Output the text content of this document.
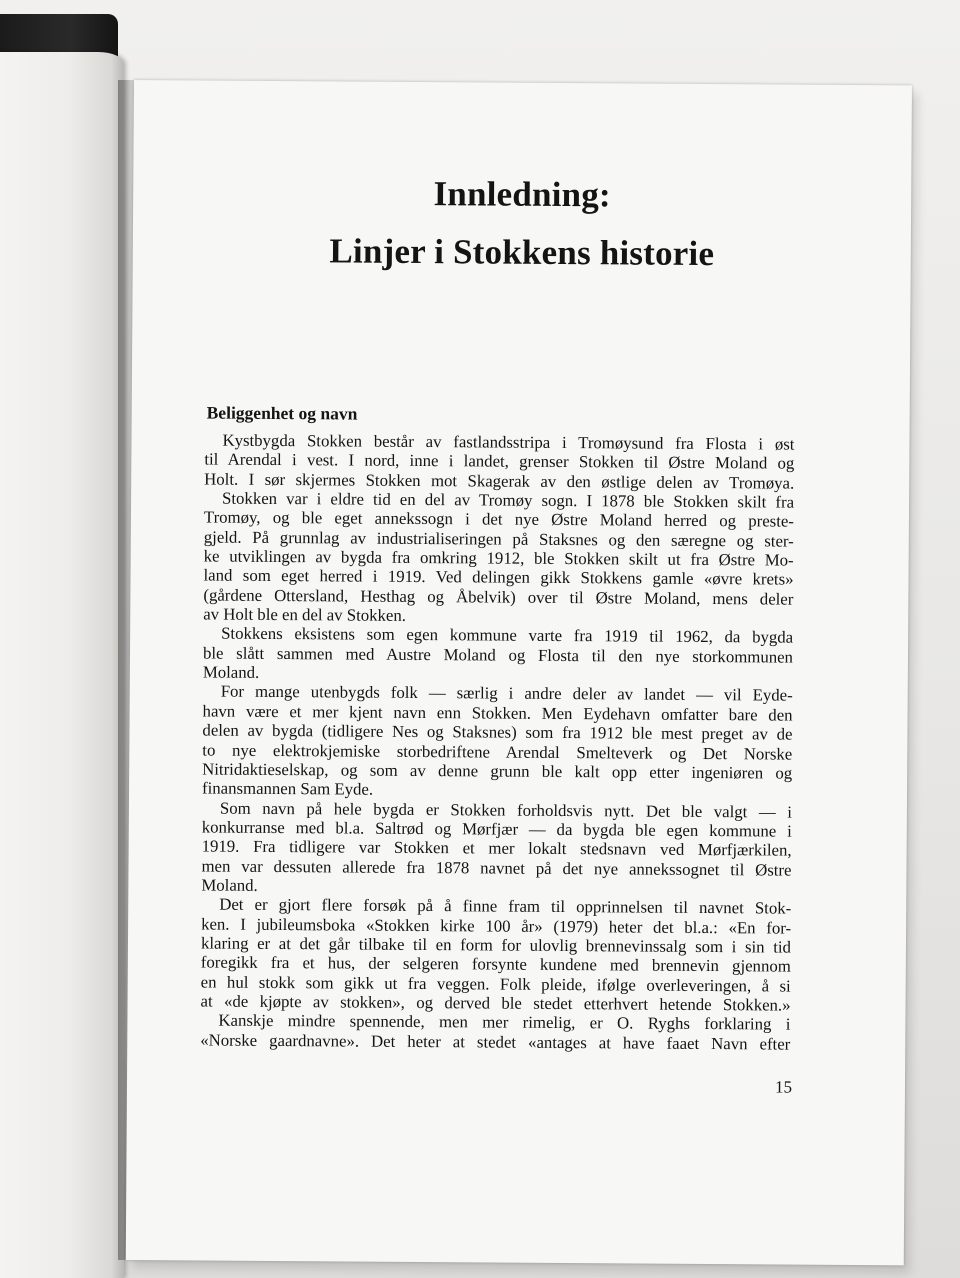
Innledning:
Linjer i Stokkens historie
Beliggenhet og navn

Kystbygda Stokken består av fastlandsstripa i Tromøysund fra Flosta i øst
til Arendal i vest. I nord, inne i landet, grenser Stokken til Østre Moland og
Holt. I sør skjermes Stokken mot Skagerak av den østlige delen av Tromøya.

Stokken var i eldre tid en del av Tromøy sogn. I 1878 ble Stokken skilt fra
Tromøy, og ble eget annekssogn i det nye Østre Moland herred og preste-
gjeld. På grunnlag av industrialiseringen på Staksnes og den særegne og ster-
ke utviklingen av bygda fra omkring 1912, ble Stokken skilt ut fra Østre Mo-
land som eget herred i 1919. Ved delingen gikk Stokkens gamle «øvre krets»
(gårdene Ottersland, Hesthag og Åbelvik) over til Østre Moland, mens deler
av Holt ble en del av Stokken.

Stokkens eksistens som egen kommune varte fra 1919 til 1962, da bygda
ble slått sammen med Austre Moland og Flosta til den nye storkommunen
Moland.

For mange utenbygds folk — særlig i andre deler av landet — vil Eyde-
havn være et mer kjent navn enn Stokken. Men Eydehavn omfatter bare den
delen av bygda (tidligere Nes og Staksnes) som fra 1912 ble mest preget av de
to nye elektrokjemiske storbedriftene Arendal Smelteverk og Det Norske
Nitridaktieselskap, og som av denne grunn ble kalt opp etter ingeniøren og
finansmannen Sam Eyde.

Som navn på hele bygda er Stokken forholdsvis nytt. Det ble valgt — i
konkurranse med bl.a. Saltrød og Mørfjær — da bygda ble egen kommune i
1919. Fra tidligere var Stokken et mer lokalt stedsnavn ved Mørfjærkilen,
men var dessuten allerede fra 1878 navnet på det nye annekssognet til Østre
Moland.

Det er gjort flere forsøk på å finne fram til opprinnelsen til navnet Stok-
ken. I jubileumsboka «Stokken kirke 100 år» (1979) heter det bl.a.: «En for-
klaring er at det går tilbake til en form for ulovlig brennevinssalg som i sin tid
foregikk fra et hus, der selgeren forsynte kundene med brennevin gjennom
en hul stokk som gikk ut fra veggen. Folk pleide, ifølge overleveringen, å si
at «de kjøpte av stokken», og derved ble stedet etterhvert hetende Stokken.»

Kanskje mindre spennende, men mer rimelig, er O. Ryghs forklaring i
«Norske gaardnavne». Det heter at stedet «antages at have faaet Navn efter

15
